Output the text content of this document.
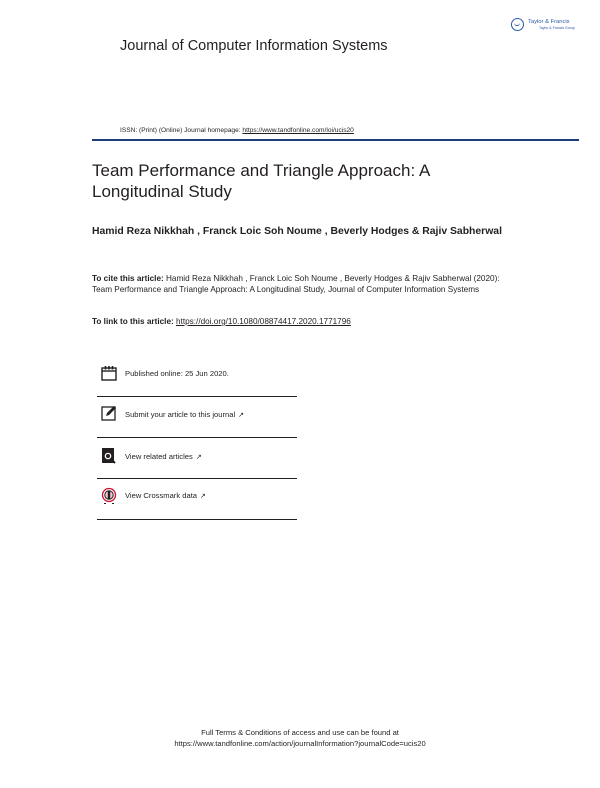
Journal of Computer Information Systems
Taylor & Francis
Taylor & Francis Group
ISSN: (Print) (Online) Journal homepage: https://www.tandfonline.com/loi/ucis20
Team Performance and Triangle Approach: A Longitudinal Study
Hamid Reza Nikkhah , Franck Loic Soh Noume , Beverly Hodges & Rajiv Sabherwal
To cite this article: Hamid Reza Nikkhah , Franck Loic Soh Noume , Beverly Hodges & Rajiv Sabherwal (2020): Team Performance and Triangle Approach: A Longitudinal Study, Journal of Computer Information Systems
To link to this article: https://doi.org/10.1080/08874417.2020.1771796
Published online: 25 Jun 2020.
Submit your article to this journal ↗
View related articles ↗
View Crossmark data ↗
Full Terms & Conditions of access and use can be found at
https://www.tandfonline.com/action/journalInformation?journalCode=ucis20
